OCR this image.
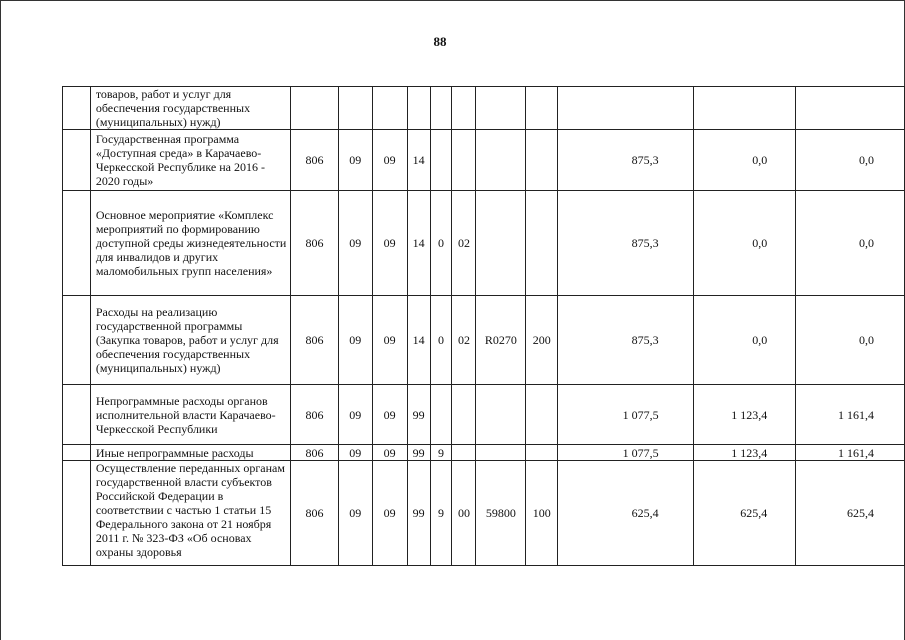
88
	товаров, работ и услуг для обеспечения государственных (муниципальных) нужд)											
	Государственная программа «Доступная среда» в Карачаево-Черкесской Республике на 2016 - 2020 годы»	806	09	09	14					875,3	0,0	0,0
	Основное мероприятие «Комплекс мероприятий по формированию доступной среды жизнедеятельности для инвалидов и других маломобильных групп населения»	806	09	09	14	0	02			875,3	0,0	0,0
	Расходы на реализацию государственной программы (Закупка товаров, работ и услуг для обеспечения государственных (муниципальных) нужд)	806	09	09	14	0	02	R0270	200	875,3	0,0	0,0
	Непрограммные расходы органов исполнительной власти Карачаево-Черкесской Республики	806	09	09	99					1 077,5	1 123,4	1 161,4
	Иные непрограммные расходы	806	09	09	99	9				1 077,5	1 123,4	1 161,4
	Осуществление переданных органам государственной власти субъектов Российской Федерации в соответствии с частью 1 статьи 15 Федерального закона от 21 ноября 2011 г. № 323-ФЗ «Об основах охраны здоровья	806	09	09	99	9	00	59800	100	625,4	625,4	625,4
